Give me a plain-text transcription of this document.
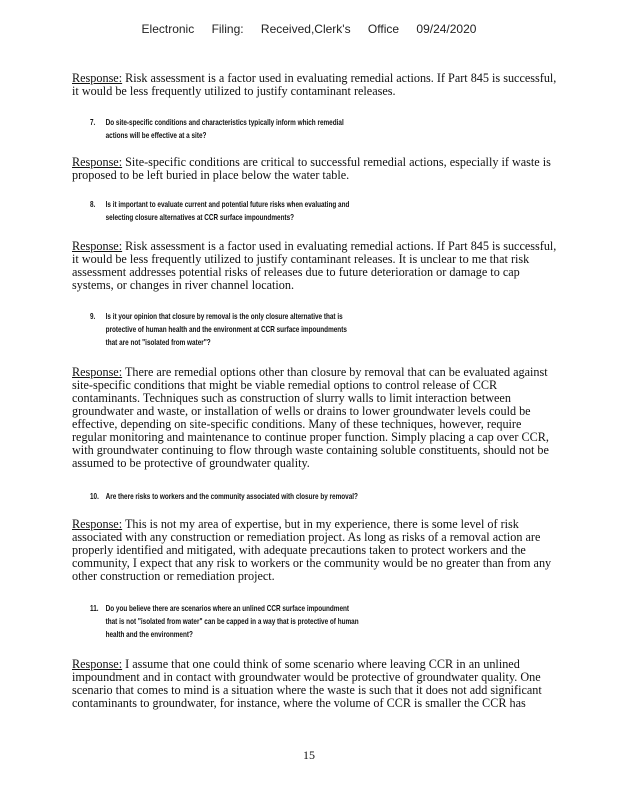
Electronic Filing: Received,Clerk's Office 09/24/2020
Response: Risk assessment is a factor used in evaluating remedial actions. If Part 845 is successful, it would be less frequently utilized to justify contaminant releases.
7. Do site-specific conditions and characteristics typically inform which remedial
actions will be effective at a site?
Response: Site-specific conditions are critical to successful remedial actions, especially if waste is proposed to be left buried in place below the water table.
8. Is it important to evaluate current and potential future risks when evaluating and
selecting closure alternatives at CCR surface impoundments?
Response: Risk assessment is a factor used in evaluating remedial actions. If Part 845 is successful, it would be less frequently utilized to justify contaminant releases. It is unclear to me that risk assessment addresses potential risks of releases due to future deterioration or damage to cap systems, or changes in river channel location.
9. Is it your opinion that closure by removal is the only closure alternative that is
protective of human health and the environment at CCR surface impoundments
that are not "isolated from water"?
Response: There are remedial options other than closure by removal that can be evaluated against site-specific conditions that might be viable remedial options to control release of CCR contaminants. Techniques such as construction of slurry walls to limit interaction between groundwater and waste, or installation of wells or drains to lower groundwater levels could be effective, depending on site-specific conditions. Many of these techniques, however, require regular monitoring and maintenance to continue proper function. Simply placing a cap over CCR, with groundwater continuing to flow through waste containing soluble constituents, should not be assumed to be protective of groundwater quality.
10. Are there risks to workers and the community associated with closure by removal?
Response: This is not my area of expertise, but in my experience, there is some level of risk associated with any construction or remediation project. As long as risks of a removal action are properly identified and mitigated, with adequate precautions taken to protect workers and the community, I expect that any risk to workers or the community would be no greater than from any other construction or remediation project.
11. Do you believe there are scenarios where an unlined CCR surface impoundment
that is not "isolated from water" can be capped in a way that is protective of human
health and the environment?
Response: I assume that one could think of some scenario where leaving CCR in an unlined impoundment and in contact with groundwater would be protective of groundwater quality. One scenario that comes to mind is a situation where the waste is such that it does not add significant contaminants to groundwater, for instance, where the volume of CCR is smaller the CCR has
15
